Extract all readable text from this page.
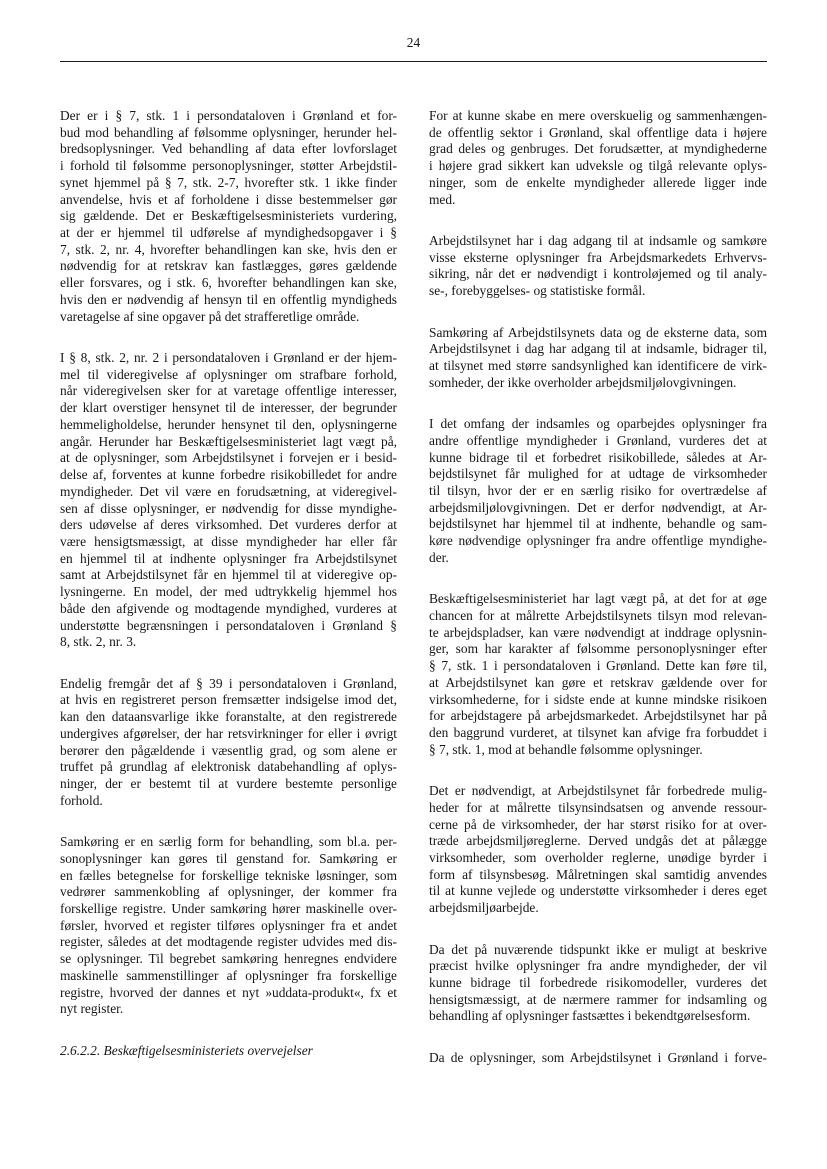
24
Der er i § 7, stk. 1 i persondataloven i Grønland et for-
bud mod behandling af følsomme oplysninger, herunder hel-
bredsoplysninger. Ved behandling af data efter lovforslaget
i forhold til følsomme personoplysninger, støtter Arbejdstil-
synet hjemmel på § 7, stk. 2-7, hvorefter stk. 1 ikke finder
anvendelse, hvis et af forholdene i disse bestemmelser gør
sig gældende. Det er Beskæftigelsesministeriets vurdering,
at der er hjemmel til udførelse af myndighedsopgaver i §
7, stk. 2, nr. 4, hvorefter behandlingen kan ske, hvis den er
nødvendig for at retskrav kan fastlægges, gøres gældende
eller forsvares, og i stk. 6, hvorefter behandlingen kan ske,
hvis den er nødvendig af hensyn til en offentlig myndigheds
varetagelse af sine opgaver på det strafferetlige område.
I § 8, stk. 2, nr. 2 i persondataloven i Grønland er der hjem-
mel til videregivelse af oplysninger om strafbare forhold,
når videregivelsen sker for at varetage offentlige interesser,
der klart overstiger hensynet til de interesser, der begrunder
hemmeligholdelse, herunder hensynet til den, oplysningerne
angår. Herunder har Beskæftigelsesministeriet lagt vægt på,
at de oplysninger, som Arbejdstilsynet i forvejen er i besid-
delse af, forventes at kunne forbedre risikobilledet for andre
myndigheder. Det vil være en forudsætning, at videregivel-
sen af disse oplysninger, er nødvendig for disse myndighe-
ders udøvelse af deres virksomhed. Det vurderes derfor at
være hensigtsmæssigt, at disse myndigheder har eller får
en hjemmel til at indhente oplysninger fra Arbejdstilsynet
samt at Arbejdstilsynet får en hjemmel til at videregive op-
lysningerne. En model, der med udtrykkelig hjemmel hos
både den afgivende og modtagende myndighed, vurderes at
understøtte begrænsningen i persondataloven i Grønland §
8, stk. 2, nr. 3.
Endelig fremgår det af § 39 i persondataloven i Grønland,
at hvis en registreret person fremsætter indsigelse imod det,
kan den dataansvarlige ikke foranstalte, at den registrerede
undergives afgørelser, der har retsvirkninger for eller i øvrigt
berører den pågældende i væsentlig grad, og som alene er
truffet på grundlag af elektronisk databehandling af oplys-
ninger, der er bestemt til at vurdere bestemte personlige
forhold.
Samkøring er en særlig form for behandling, som bl.a. per-
sonoplysninger kan gøres til genstand for. Samkøring er
en fælles betegnelse for forskellige tekniske løsninger, som
vedrører sammenkobling af oplysninger, der kommer fra
forskellige registre. Under samkøring hører maskinelle over-
førsler, hvorved et register tilføres oplysninger fra et andet
register, således at det modtagende register udvides med dis-
se oplysninger. Til begrebet samkøring henregnes endvidere
maskinelle sammenstillinger af oplysninger fra forskellige
registre, hvorved der dannes et nyt »uddata-produkt«, fx et
nyt register.
2.6.2.2. Beskæftigelsesministeriets overvejelser
For at kunne skabe en mere overskuelig og sammenhængen-
de offentlig sektor i Grønland, skal offentlige data i højere
grad deles og genbruges. Det forudsætter, at myndighederne
i højere grad sikkert kan udveksle og tilgå relevante oplys-
ninger, som de enkelte myndigheder allerede ligger inde
med.
Arbejdstilsynet har i dag adgang til at indsamle og samkøre
visse eksterne oplysninger fra Arbejdsmarkedets Erhvervs-
sikring, når det er nødvendigt i kontroløjemed og til analy-
se-, forebyggelses- og statistiske formål.
Samkøring af Arbejdstilsynets data og de eksterne data, som
Arbejdstilsynet i dag har adgang til at indsamle, bidrager til,
at tilsynet med større sandsynlighed kan identificere de virk-
somheder, der ikke overholder arbejdsmiljølovgivningen.
I det omfang der indsamles og oparbejdes oplysninger fra
andre offentlige myndigheder i Grønland, vurderes det at
kunne bidrage til et forbedret risikobillede, således at Ar-
bejdstilsynet får mulighed for at udtage de virksomheder
til tilsyn, hvor der er en særlig risiko for overtrædelse af
arbejdsmiljølovgivningen. Det er derfor nødvendigt, at Ar-
bejdstilsynet har hjemmel til at indhente, behandle og sam-
køre nødvendige oplysninger fra andre offentlige myndighe-
der.
Beskæftigelsesministeriet har lagt vægt på, at det for at øge
chancen for at målrette Arbejdstilsynets tilsyn mod relevan-
te arbejdspladser, kan være nødvendigt at inddrage oplysnin-
ger, som har karakter af følsomme personoplysninger efter
§ 7, stk. 1 i persondataloven i Grønland. Dette kan føre til,
at Arbejdstilsynet kan gøre et retskrav gældende over for
virksomhederne, for i sidste ende at kunne mindske risikoen
for arbejdstagere på arbejdsmarkedet. Arbejdstilsynet har på
den baggrund vurderet, at tilsynet kan afvige fra forbuddet i
§ 7, stk. 1, mod at behandle følsomme oplysninger.
Det er nødvendigt, at Arbejdstilsynet får forbedrede mulig-
heder for at målrette tilsynsindsatsen og anvende ressour-
cerne på de virksomheder, der har størst risiko for at over-
træde arbejdsmiljøreglerne. Derved undgås det at pålægge
virksomheder, som overholder reglerne, unødige byrder i
form af tilsynsbesøg. Målretningen skal samtidig anvendes
til at kunne vejlede og understøtte virksomheder i deres eget
arbejdsmiljøarbejde.
Da det på nuværende tidspunkt ikke er muligt at beskrive
præcist hvilke oplysninger fra andre myndigheder, der vil
kunne bidrage til forbedrede risikomodeller, vurderes det
hensigtsmæssigt, at de nærmere rammer for indsamling og
behandling af oplysninger fastsættes i bekendtgørelsesform.
Da de oplysninger, som Arbejdstilsynet i Grønland i forve-
